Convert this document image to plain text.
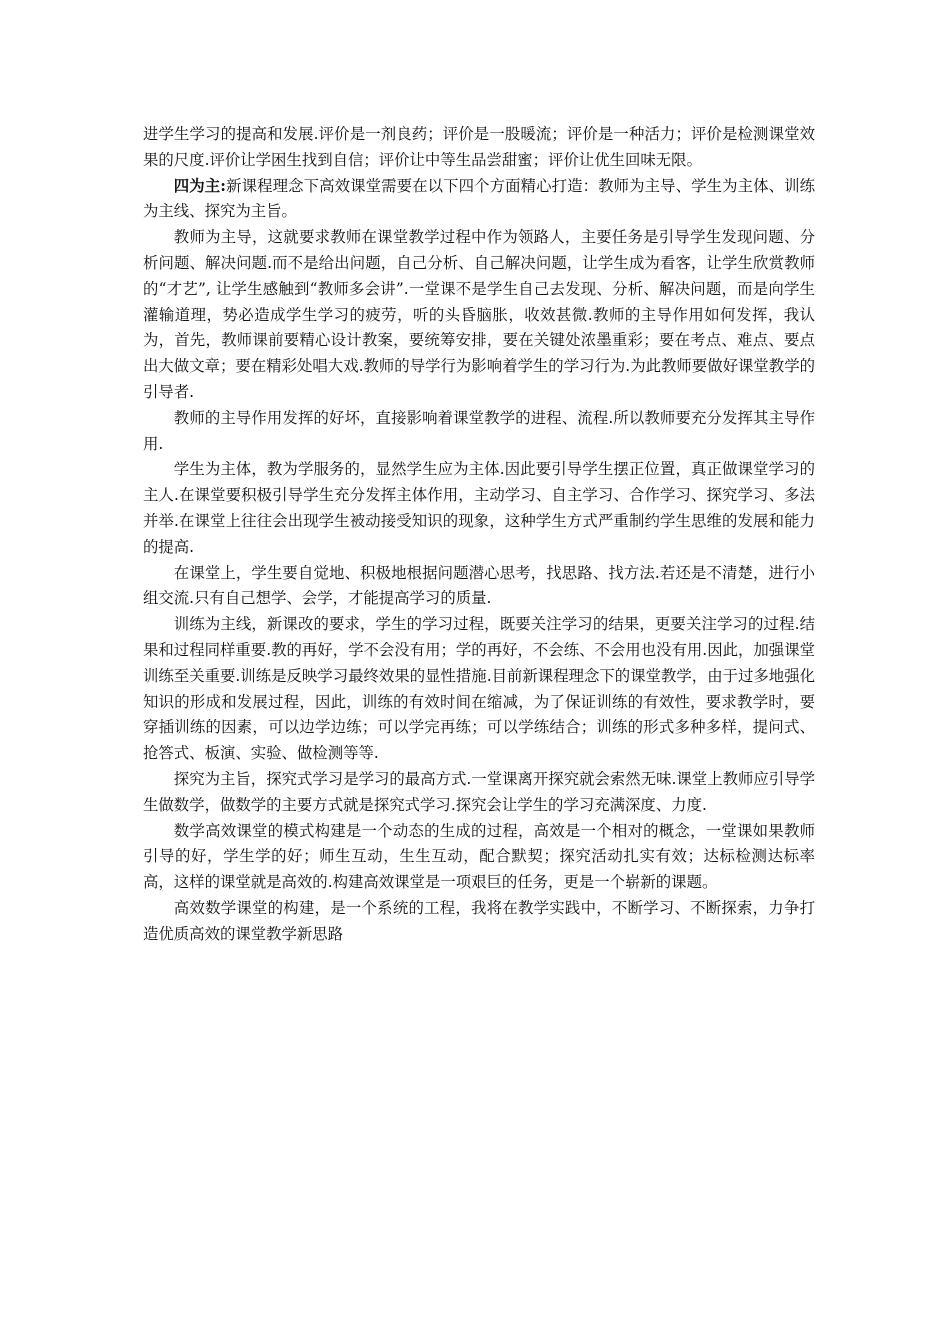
进学生学习的提高和发展.评价是一剂良药；评价是一股暖流；评价是一种活力；评价是检测课堂效果的尺度.评价让学困生找到自信；评价让中等生品尝甜蜜；评价让优生回味无限。

四为主:新课程理念下高效课堂需要在以下四个方面精心打造：教师为主导、学生为主体、训练为主线、探究为主旨。

教师为主导，这就要求教师在课堂教学过程中作为领路人，主要任务是引导学生发现问题、分析问题、解决问题.而不是给出问题，自己分析、自己解决问题，让学生成为看客，让学生欣赏教师的“才艺”, 让学生感触到“教师多会讲”.一堂课不是学生自己去发现、分析、解决问题，而是向学生灌输道理，势必造成学生学习的疲劳，听的头昏脑胀，收效甚微.教师的主导作用如何发挥，我认为，首先，教师课前要精心设计教案，要统筹安排，要在关键处浓墨重彩；要在考点、难点、要点出大做文章；要在精彩处唱大戏.教师的导学行为影响着学生的学习行为.为此教师要做好课堂教学的引导者.

教师的主导作用发挥的好坏，直接影响着课堂教学的进程、流程.所以教师要充分发挥其主导作用.

学生为主体，教为学服务的，显然学生应为主体.因此要引导学生摆正位置，真正做课堂学习的主人.在课堂要积极引导学生充分发挥主体作用，主动学习、自主学习、合作学习、探究学习、多法并举.在课堂上往往会出现学生被动接受知识的现象，这种学生方式严重制约学生思维的发展和能力的提高.

在课堂上，学生要自觉地、积极地根据问题潜心思考，找思路、找方法.若还是不清楚，进行小组交流.只有自己想学、会学，才能提高学习的质量.

训练为主线，新课改的要求，学生的学习过程，既要关注学习的结果，更要关注学习的过程.结果和过程同样重要.教的再好，学不会没有用；学的再好，不会练、不会用也没有用.因此，加强课堂训练至关重要.训练是反映学习最终效果的显性措施.目前新课程理念下的课堂教学，由于过多地强化知识的形成和发展过程，因此，训练的有效时间在缩减，为了保证训练的有效性，要求教学时，要穿插训练的因素，可以边学边练；可以学完再练；可以学练结合；训练的形式多种多样，提问式、抢答式、板演、实验、做检测等等.

探究为主旨，探究式学习是学习的最高方式.一堂课离开探究就会索然无味.课堂上教师应引导学生做数学，做数学的主要方式就是探究式学习.探究会让学生的学习充满深度、力度.

数学高效课堂的模式构建是一个动态的生成的过程，高效是一个相对的概念，一堂课如果教师引导的好，学生学的好；师生互动，生生互动，配合默契；探究活动扎实有效；达标检测达标率高，这样的课堂就是高效的.构建高效课堂是一项艰巨的任务，更是一个崭新的课题。

高效数学课堂的构建，是一个系统的工程，我将在教学实践中，不断学习、不断探索，力争打造优质高效的课堂教学新思路
